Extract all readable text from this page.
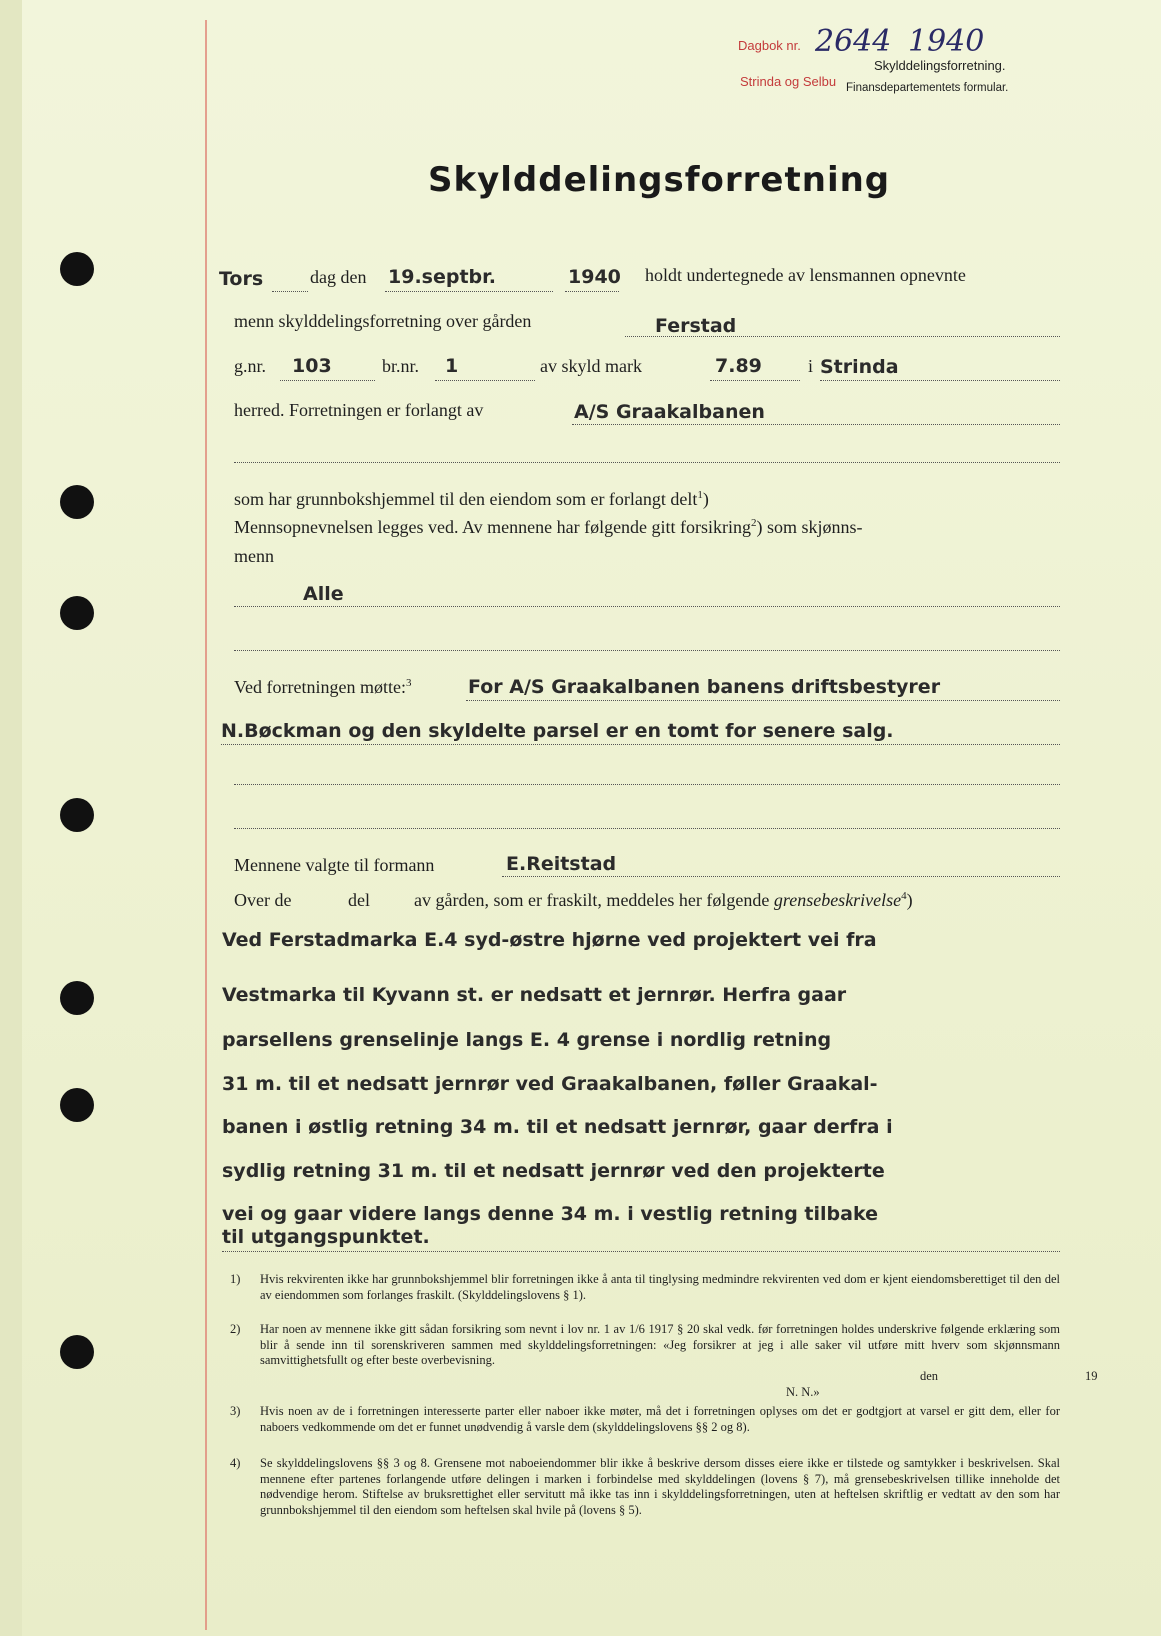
Dagbok nr. 2644 1940
Strinda og Selbu
Skylddelingsforretning.
Finansdepartementets formular.
Skylddelingsforretning
Tors	dag den 19.septbr.	1940 holdt undertegnede av lensmannen opnevnte
menn skylddelingsforretning over gården	Ferstad
g.nr. 103	br.nr. 1	av skyld mark	7.89	i Strinda
herred. Forretningen er forlangt av	A/S Graakalbanen
som har grunnbokshjemmel til den eiendom som er forlangt delt$^1$)
Mennsopnevnelsen legges ved. Av mennene har følgende gitt forsikring$^2$) som skjønns-
menn
Alle
Ved forretningen møtte:$^3$	For A/S Graakalbanen banens driftsbestyrer
N.Bøckman og den skyldelte parsel er en tomt for senere salg.
Mennene valgte til formann	E.Reitstad
Over de	del av gården, som er fraskilt, meddeles her følgende grensebeskrivelse$^4$)
Ved Ferstadmarka E.4 syd-østre hjørne ved projektert vei fra
Vestmarka til Kyvann st. er nedsatt et jernrør. Herfra gaar
parsellens grenselinje langs E. 4 grense i nordlig retning
31 m. til et nedsatt jernrør ved Graakalbanen, føller Graakal-
banen i østlig retning 34 m. til et nedsatt jernrør, gaar derfra i
sydlig retning 31 m. til et nedsatt jernrør ved den projekterte
vei og gaar videre langs denne 34 m. i vestlig retning tilbake
til utgangspunktet.
1) Hvis rekvirenten ikke har grunnbokshjemmel blir forretningen ikke å anta til tinglysing medmindre rekvirenten ved dom er kjent eiendomsberettiget til den del av eiendommen som forlanges fraskilt. (Skylddelingslovens § 1).
2) Har noen av mennene ikke gitt sådan forsikring som nevnt i lov nr. 1 av 1/6 1917 § 20 skal vedk. før forretningen holdes underskrive følgende erklæring som blir å sende inn til sorenskriveren sammen med skylddelingsforretningen: «Jeg forsikrer at jeg i alle saker vil utføre mitt hverv som skjønnsmann samvittighetsfullt og efter beste overbevisning.
den	19
N. N.»
3) Hvis noen av de i forretningen interesserte parter eller naboer ikke møter, må det i forretningen oplyses om det er godtgjort at varsel er gitt dem, eller for naboers vedkommende om det er funnet unødvendig å varsle dem (skylddelingslovens §§ 2 og 8).
4) Se skylddelingslovens §§ 3 og 8. Grensene mot naboeiendommer blir ikke å beskrive dersom disses eiere ikke er tilstede og samtykker i beskrivelsen. Skal mennene efter partenes forlangende utføre delingen i marken i forbindelse med skylddelingen (lovens § 7), må grensebeskrivelsen tillike inneholde det nødvendige herom. Stiftelse av bruksrettighet eller servitutt må ikke tas inn i skylddelingsforretningen, uten at heftelsen skriftlig er vedtatt av den som har grunnbokshjemmel til den eiendom som heftelsen skal hvile på (lovens § 5).
